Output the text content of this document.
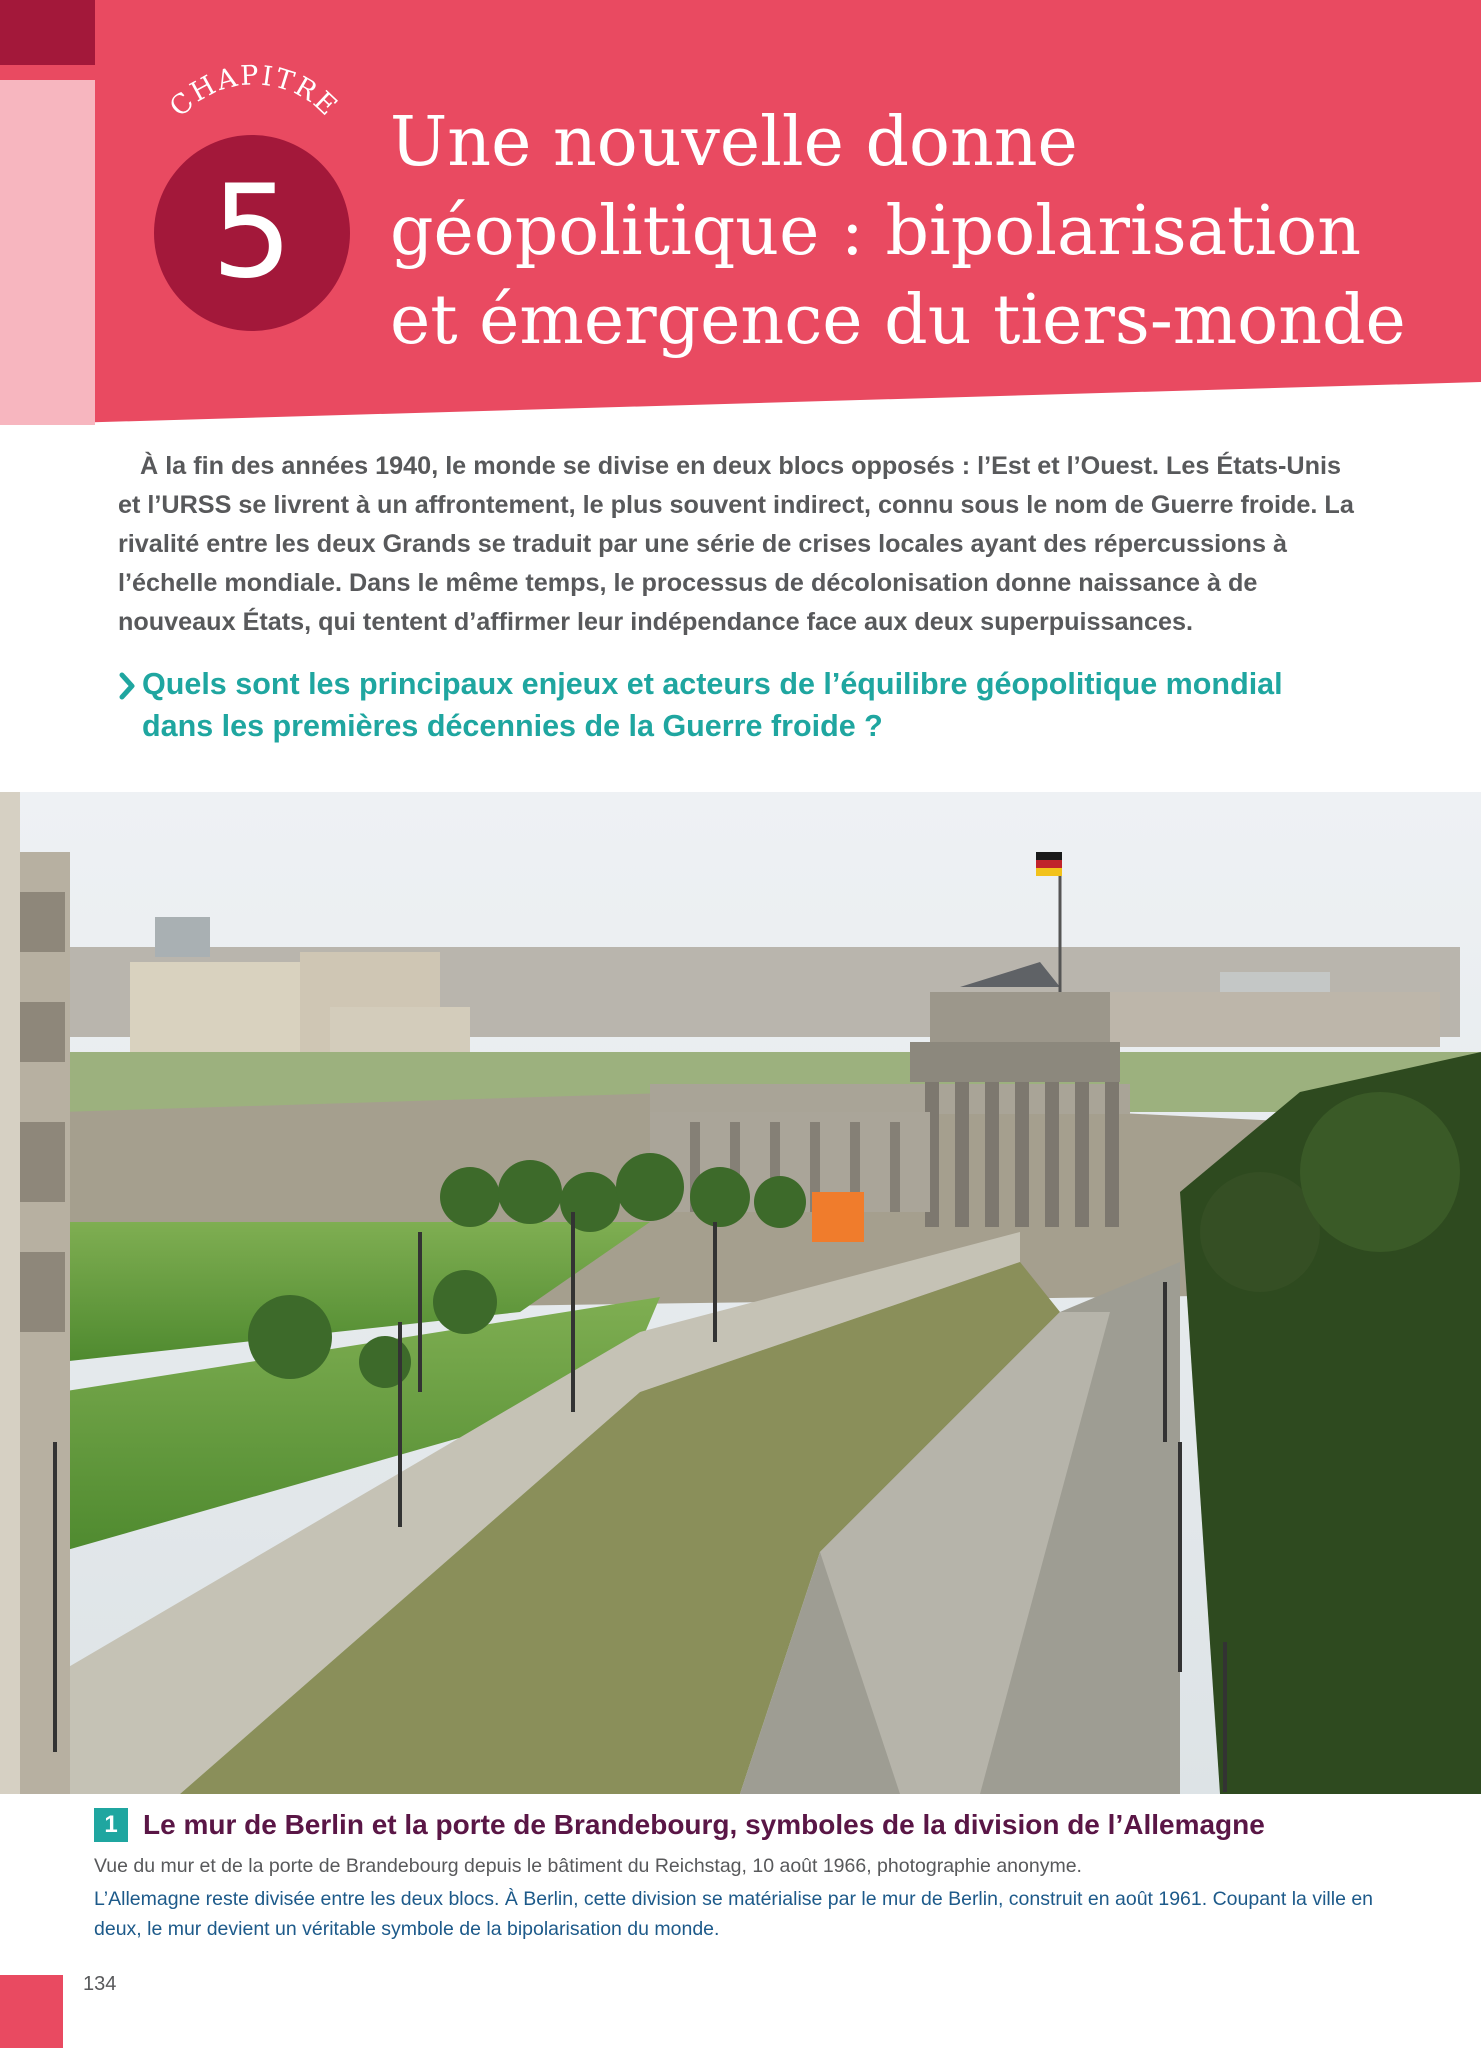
CHAPITRE
5
Une nouvelle donne
géopolitique : bipolarisation
et émergence du tiers-monde

À la fin des années 1940, le monde se divise en deux blocs opposés : l’Est et l’Ouest. Les États-Unis et l’URSS se livrent à un affrontement, le plus souvent indirect, connu sous le nom de Guerre froide. La rivalité entre les deux Grands se traduit par une série de crises locales ayant des répercussions à l’échelle mondiale. Dans le même temps, le processus de décolonisation donne naissance à de nouveaux États, qui tentent d’affirmer leur indépendance face aux deux superpuissances.

Quels sont les principaux enjeux et acteurs de l’équilibre géopolitique mondial dans les premières décennies de la Guerre froide ?
1 Le mur de Berlin et la porte de Brandebourg, symboles de la division de l’Allemagne
Vue du mur et de la porte de Brandebourg depuis le bâtiment du Reichstag, 10 août 1966, photographie anonyme.

L’Allemagne reste divisée entre les deux blocs. À Berlin, cette division se matérialise par le mur de Berlin, construit en août 1961. Coupant la ville en deux, le mur devient un véritable symbole de la bipolarisation du monde.

134
